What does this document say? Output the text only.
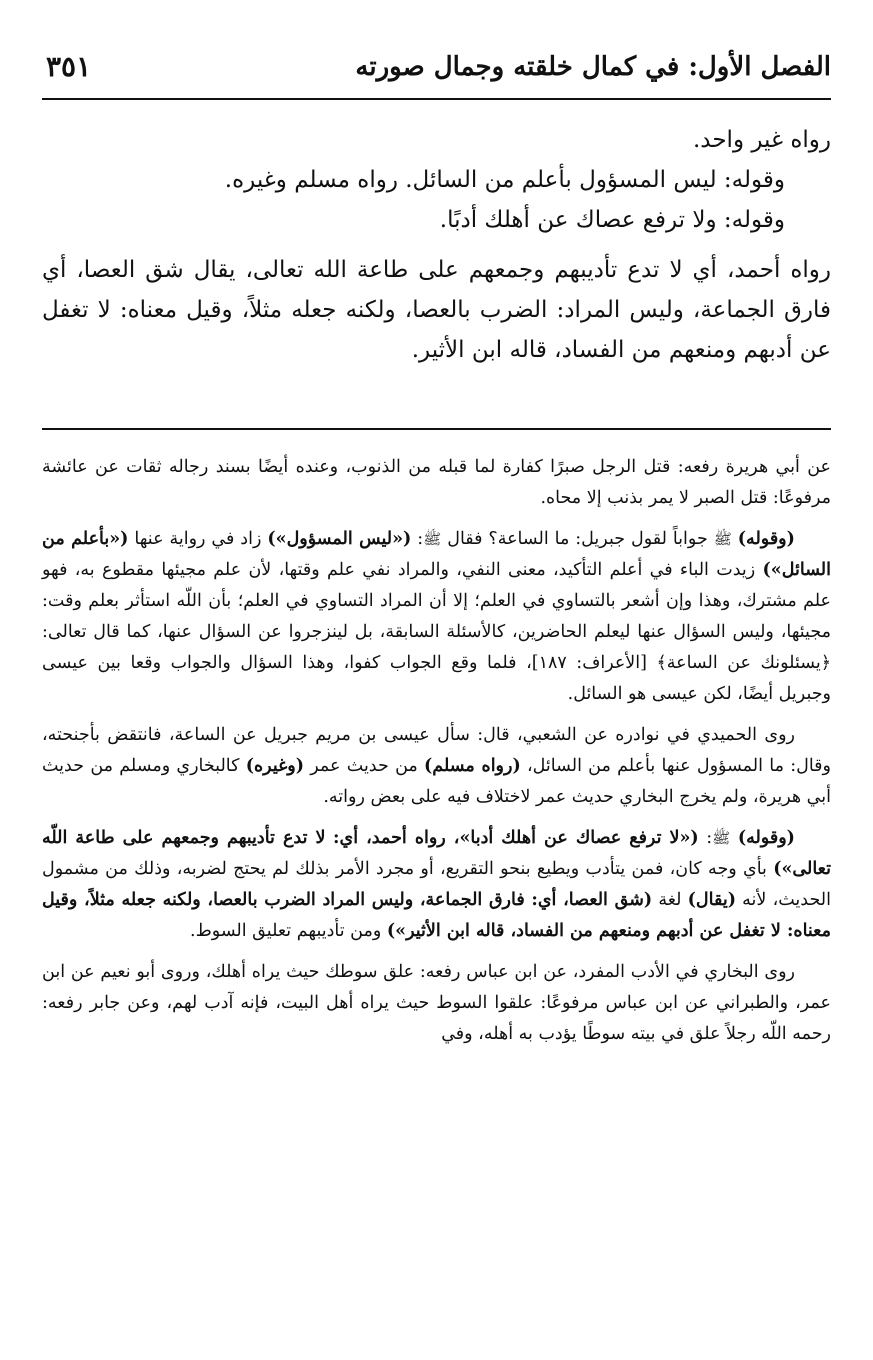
الفصل الأول: في كمال خلقته وجمال صورته
٣٥١

رواه غير واحد.

وقوله: ليس المسؤول بأعلم من السائل. رواه مسلم وغيره.

وقوله: ولا ترفع عصاك عن أهلك أدبًا.

رواه أحمد، أي لا تدع تأديبهم وجمعهم على طاعة الله تعالى، يقال شق العصا، أي فارق الجماعة، وليس المراد: الضرب بالعصا، ولكنه جعله مثلاً، وقيل معناه: لا تغفل عن أدبهم ومنعهم من الفساد، قاله ابن الأثير.

عن أبي هريرة رفعه: قتل الرجل صبرًا كفارة لما قبله من الذنوب، وعنده أيضًا بسند رجاله ثقات عن عائشة مرفوعًا: قتل الصبر لا يمر بذنب إلا محاه.

(وقوله) ﷺ جواباً لقول جبريل: ما الساعة؟ فقال ﷺ: («ليس المسؤول») زاد في رواية عنها («بأعلم من السائل») زيدت الباء في أعلم التأكيد، معنى النفي، والمراد نفي علم وقتها، لأن علم مجيئها مقطوع به، فهو علم مشترك، وهذا وإن أشعر بالتساوي في العلم؛ إلا أن المراد التساوي في العلم؛ بأن اللّه استأثر بعلم وقت: مجيئها، وليس السؤال عنها ليعلم الحاضرين، كالأسئلة السابقة، بل لينزجروا عن السؤال عنها، كما قال تعالى: ﴿يسئلونك عن الساعة﴾ [الأعراف: ١٨٧]، فلما وقع الجواب كفوا، وهذا السؤال والجواب وقعا بين عيسى وجبريل أيضًا، لكن عيسى هو السائل.

روى الحميدي في نوادره عن الشعبي، قال: سأل عيسى بن مريم جبريل عن الساعة، فانتقض بأجنحته، وقال: ما المسؤول عنها بأعلم من السائل، (رواه مسلم) من حديث عمر (وغيره) كالبخاري ومسلم من حديث أبي هريرة، ولم يخرج البخاري حديث عمر لاختلاف فيه على بعض رواته.

(وقوله) ﷺ: («لا ترفع عصاك عن أهلك أدبا»، رواه أحمد، أي: لا تدع تأديبهم وجمعهم على طاعة اللّه تعالى») بأي وجه كان، فمن يتأدب ويطيع بنحو التقريع، أو مجرد الأمر بذلك لم يحتج لضربه، وذلك من مشمول الحديث، لأنه (يقال) لغة (شق العصا، أي: فارق الجماعة، وليس المراد الضرب بالعصا، ولكنه جعله مثلاً، وقيل معناه: لا تغفل عن أدبهم ومنعهم من الفساد، قاله ابن الأثير») ومن تأديبهم تعليق السوط.

روى البخاري في الأدب المفرد، عن ابن عباس رفعه: علق سوطك حيث يراه أهلك، وروى أبو نعيم عن ابن عمر، والطبراني عن ابن عباس مرفوعًا: علقوا السوط حيث يراه أهل البيت، فإنه آدب لهم، وعن جابر رفعه: رحمه اللّه رجلاً علق في بيته سوطًا يؤدب به أهله، وفي
